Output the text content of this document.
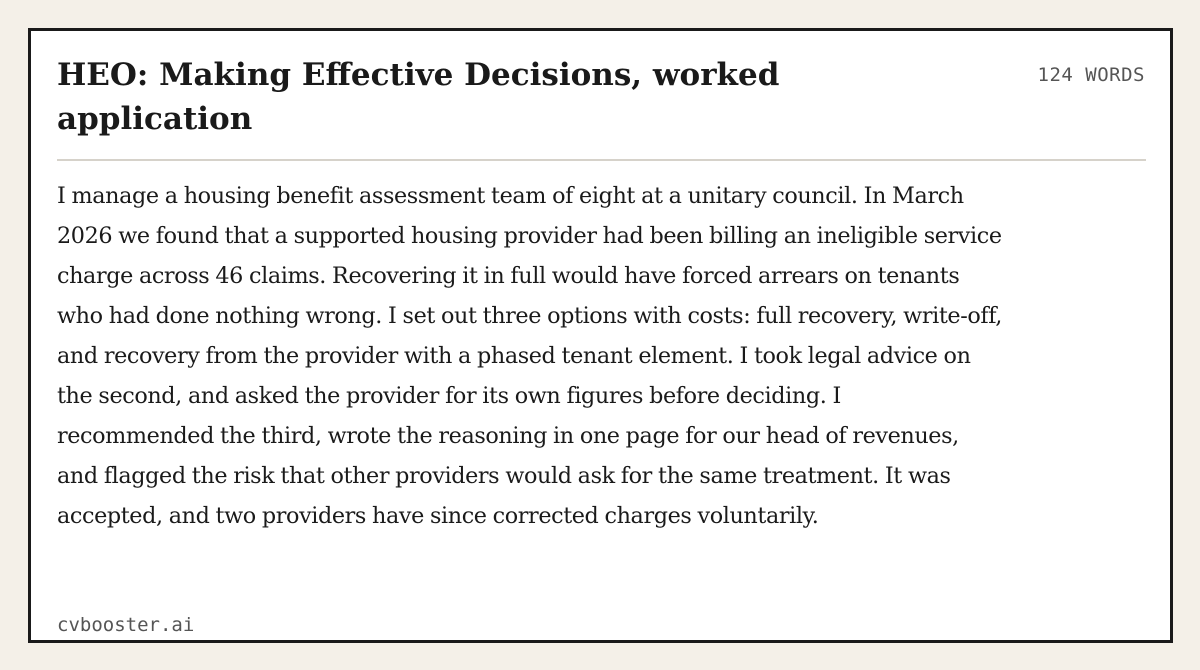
HEO: Making Effective Decisions, worked application
124 WORDS

I manage a housing benefit assessment team of eight at a unitary council. In March 2026 we found that a supported housing provider had been billing an ineligible service charge across 46 claims. Recovering it in full would have forced arrears on tenants who had done nothing wrong. I set out three options with costs: full recovery, write-off, and recovery from the provider with a phased tenant element. I took legal advice on the second, and asked the provider for its own figures before deciding. I recommended the third, wrote the reasoning in one page for our head of revenues, and flagged the risk that other providers would ask for the same treatment. It was accepted, and two providers have since corrected charges voluntarily.

cvbooster.ai
